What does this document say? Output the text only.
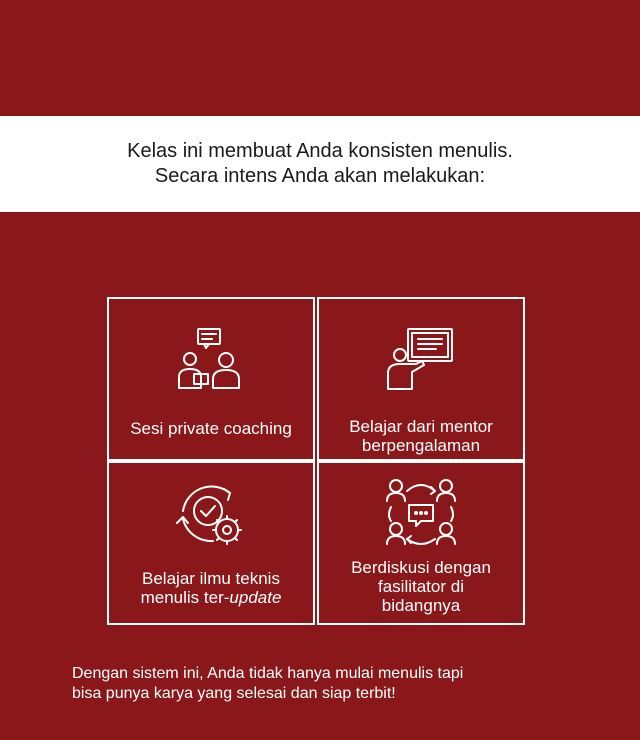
Kelas ini membuat Anda konsisten menulis.
Secara intens Anda akan melakukan:
Sesi private coaching	Belajar dari mentor
berpengalaman
Belajar ilmu teknis
menulis ter-update
Berdiskusi dengan
fasilitator di
bidangnya
Dengan sistem ini, Anda tidak hanya mulai menulis tapi
bisa punya karya yang selesai dan siap terbit!
